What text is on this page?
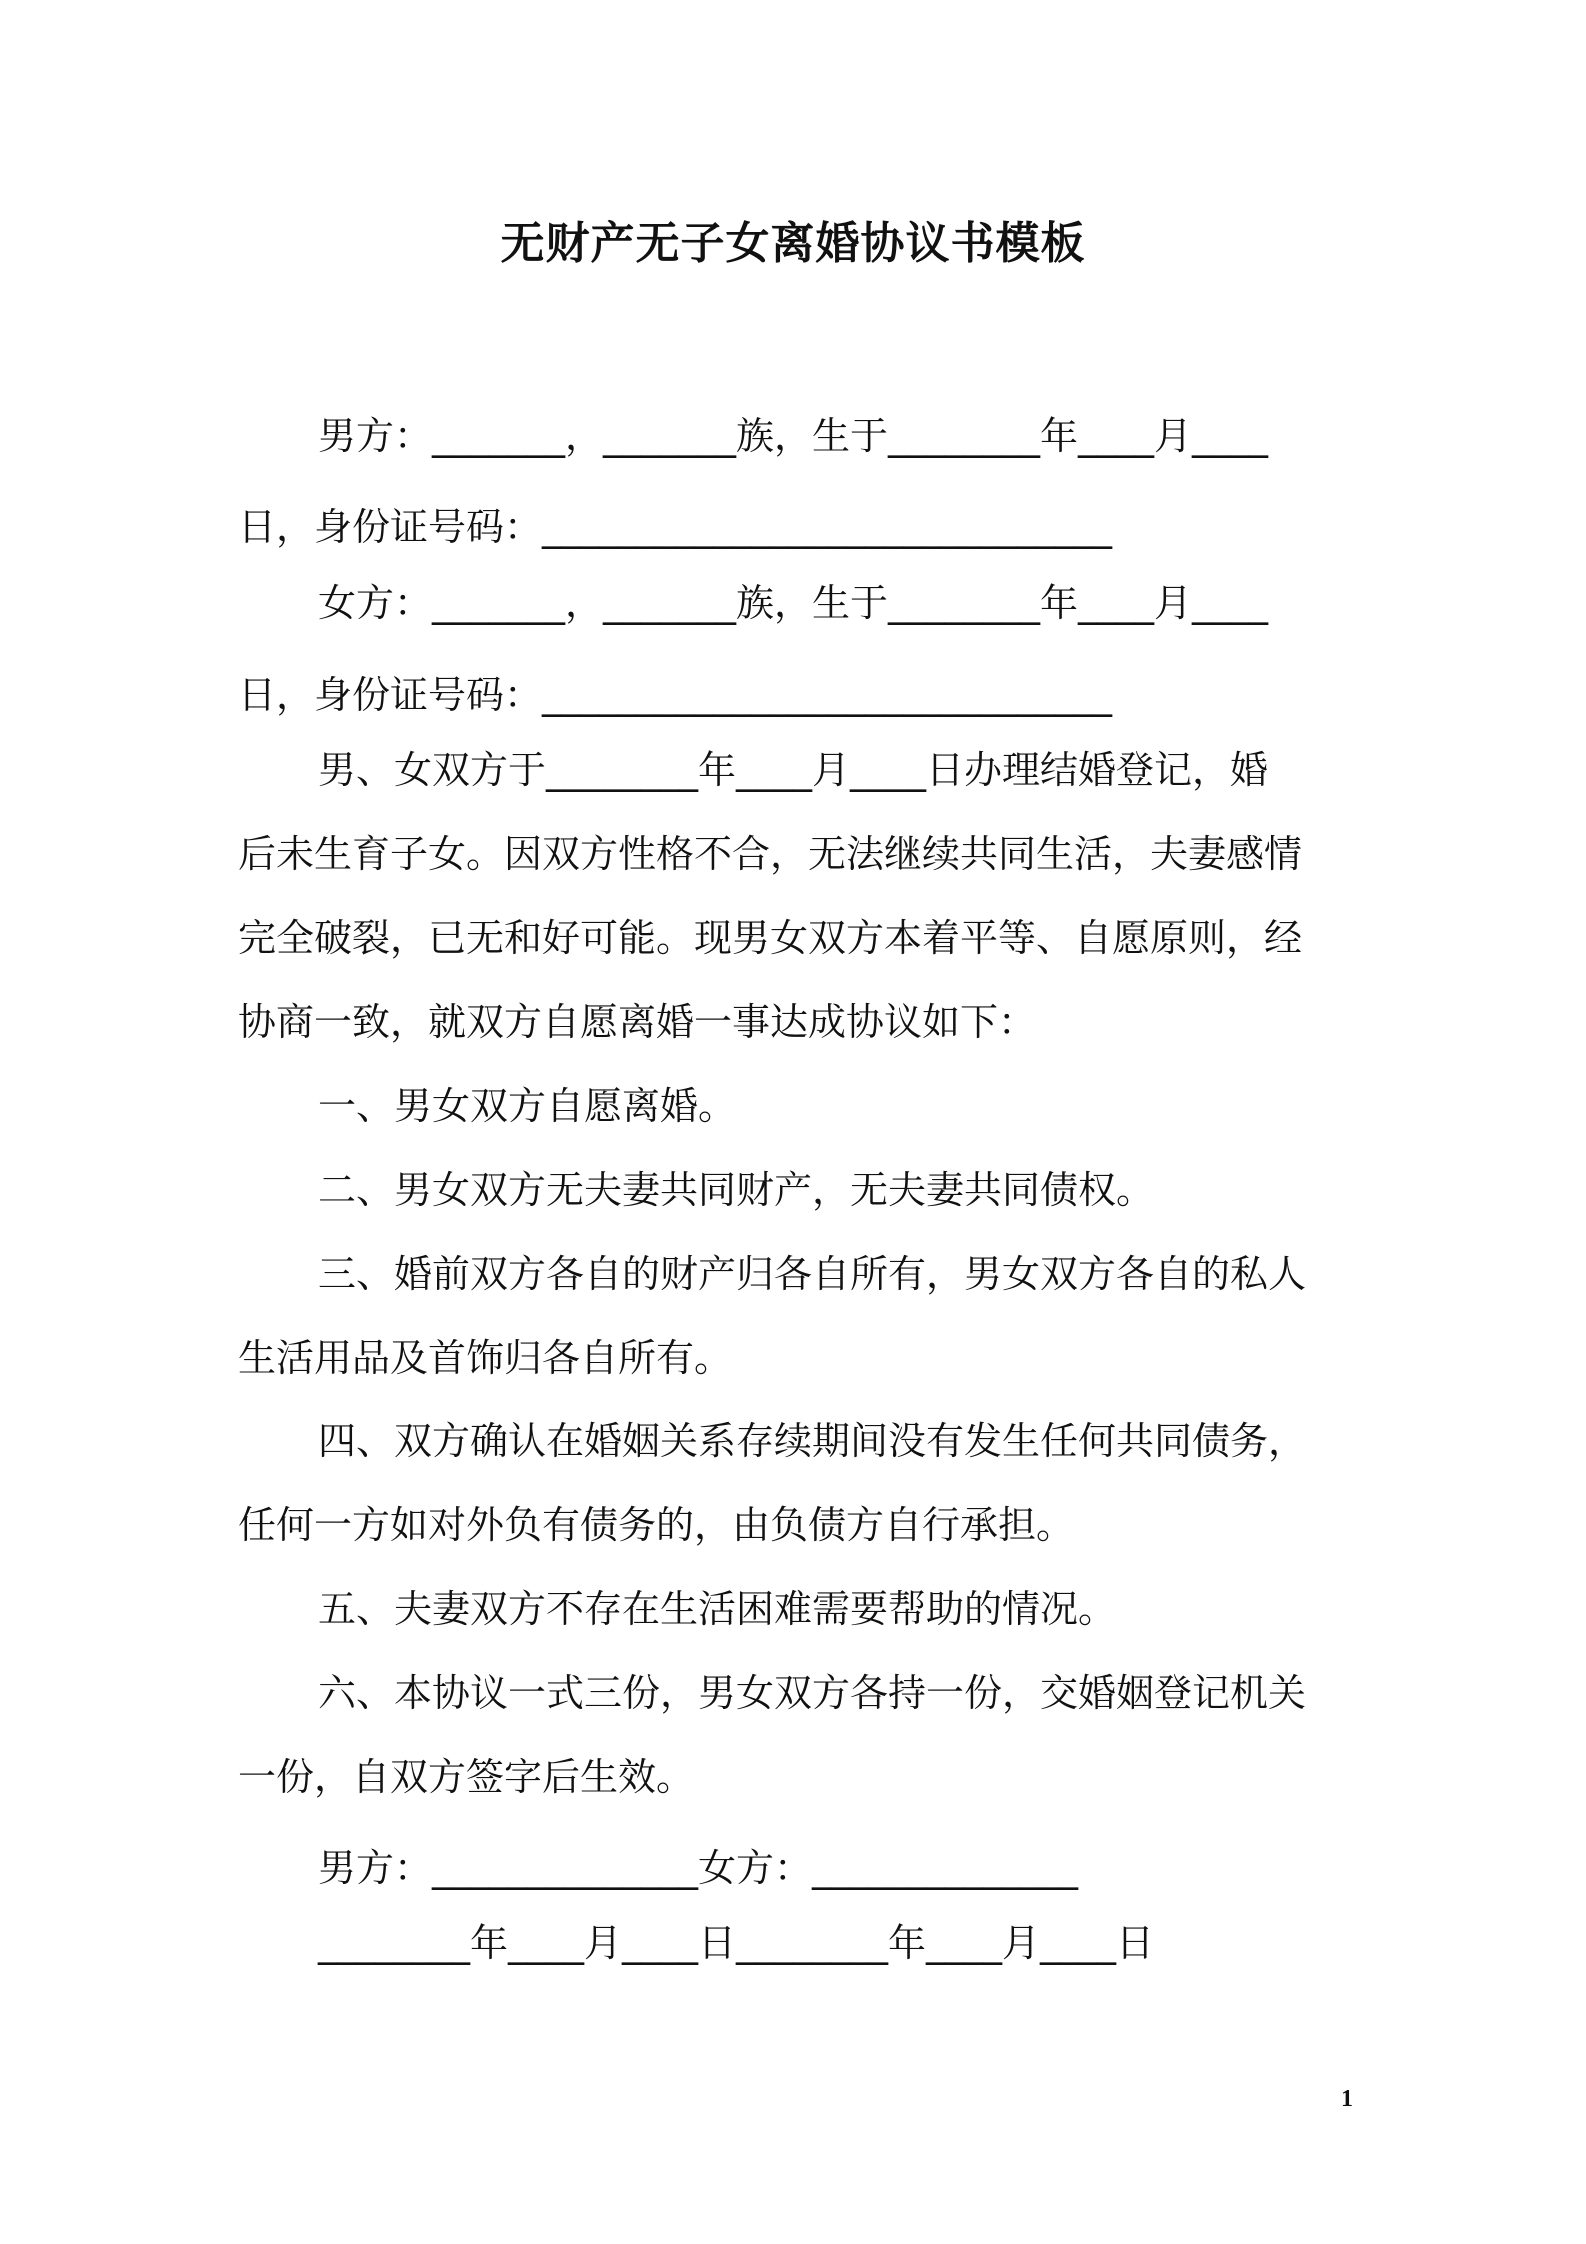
无财产无子女离婚协议书模板
男方：_______，_______族，生于________年____月____
日，身份证号码：______________________________
女方：_______，_______族，生于________年____月____
日，身份证号码：______________________________
男、女双方于________年____月____日办理结婚登记，婚
后未生育子女。因双方性格不合，无法继续共同生活，夫妻感情
完全破裂，已无和好可能。现男女双方本着平等、自愿原则，经
协商一致，就双方自愿离婚一事达成协议如下：
一、男女双方自愿离婚。
二、男女双方无夫妻共同财产，无夫妻共同债权。
三、婚前双方各自的财产归各自所有，男女双方各自的私人
生活用品及首饰归各自所有。
四、双方确认在婚姻关系存续期间没有发生任何共同债务，
任何一方如对外负有债务的，由负债方自行承担。
五、夫妻双方不存在生活困难需要帮助的情况。
六、本协议一式三份，男女双方各持一份，交婚姻登记机关
一份，自双方签字后生效。
男方：______________女方：______________
________年____月____日________年____月____日
1
